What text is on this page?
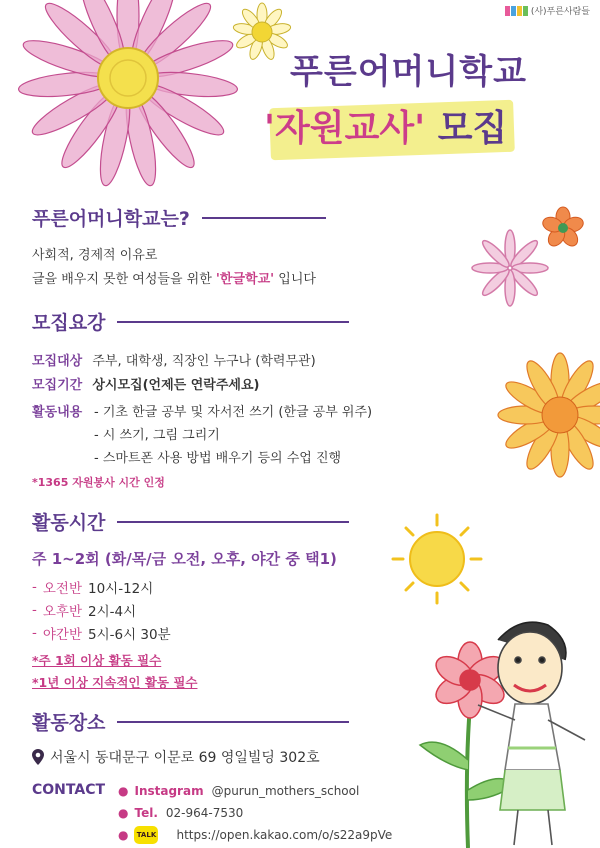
(사)푸른사람들
푸른어머니학교
'자원교사' 모집
푸른어머니학교는?
사회적, 경제적 이유로
글을 배우지 못한 여성들을 위한 '한글학교' 입니다
모집요강
모집대상 주부, 대학생, 직장인 누구나 (학력무관)
모집기간 상시모집(언제든 연락주세요)
활동내용 - 기초 한글 공부 및 자서전 쓰기 (한글 공부 위주)
- 시 쓰기, 그림 그리기
- 스마트폰 사용 방법 배우기 등의 수업 진행
*1365 자원봉사 시간 인정
활동시간
주 1~2회 (화/목/금 오전, 오후, 야간 중 택1)
- 오전반 10시-12시
- 오후반 2시-4시
- 야간반 5시-6시 30분
*주 1회 이상 활동 필수
*1년 이상 지속적인 활동 필수
활동장소
서울시 동대문구 이문로 69 영일빌딩 302호
CONTACT ● Instagram @purun_mothers_school
● Tel. 02-964-7530
●	TALK https://open.kakao.com/o/s22a9pVe
